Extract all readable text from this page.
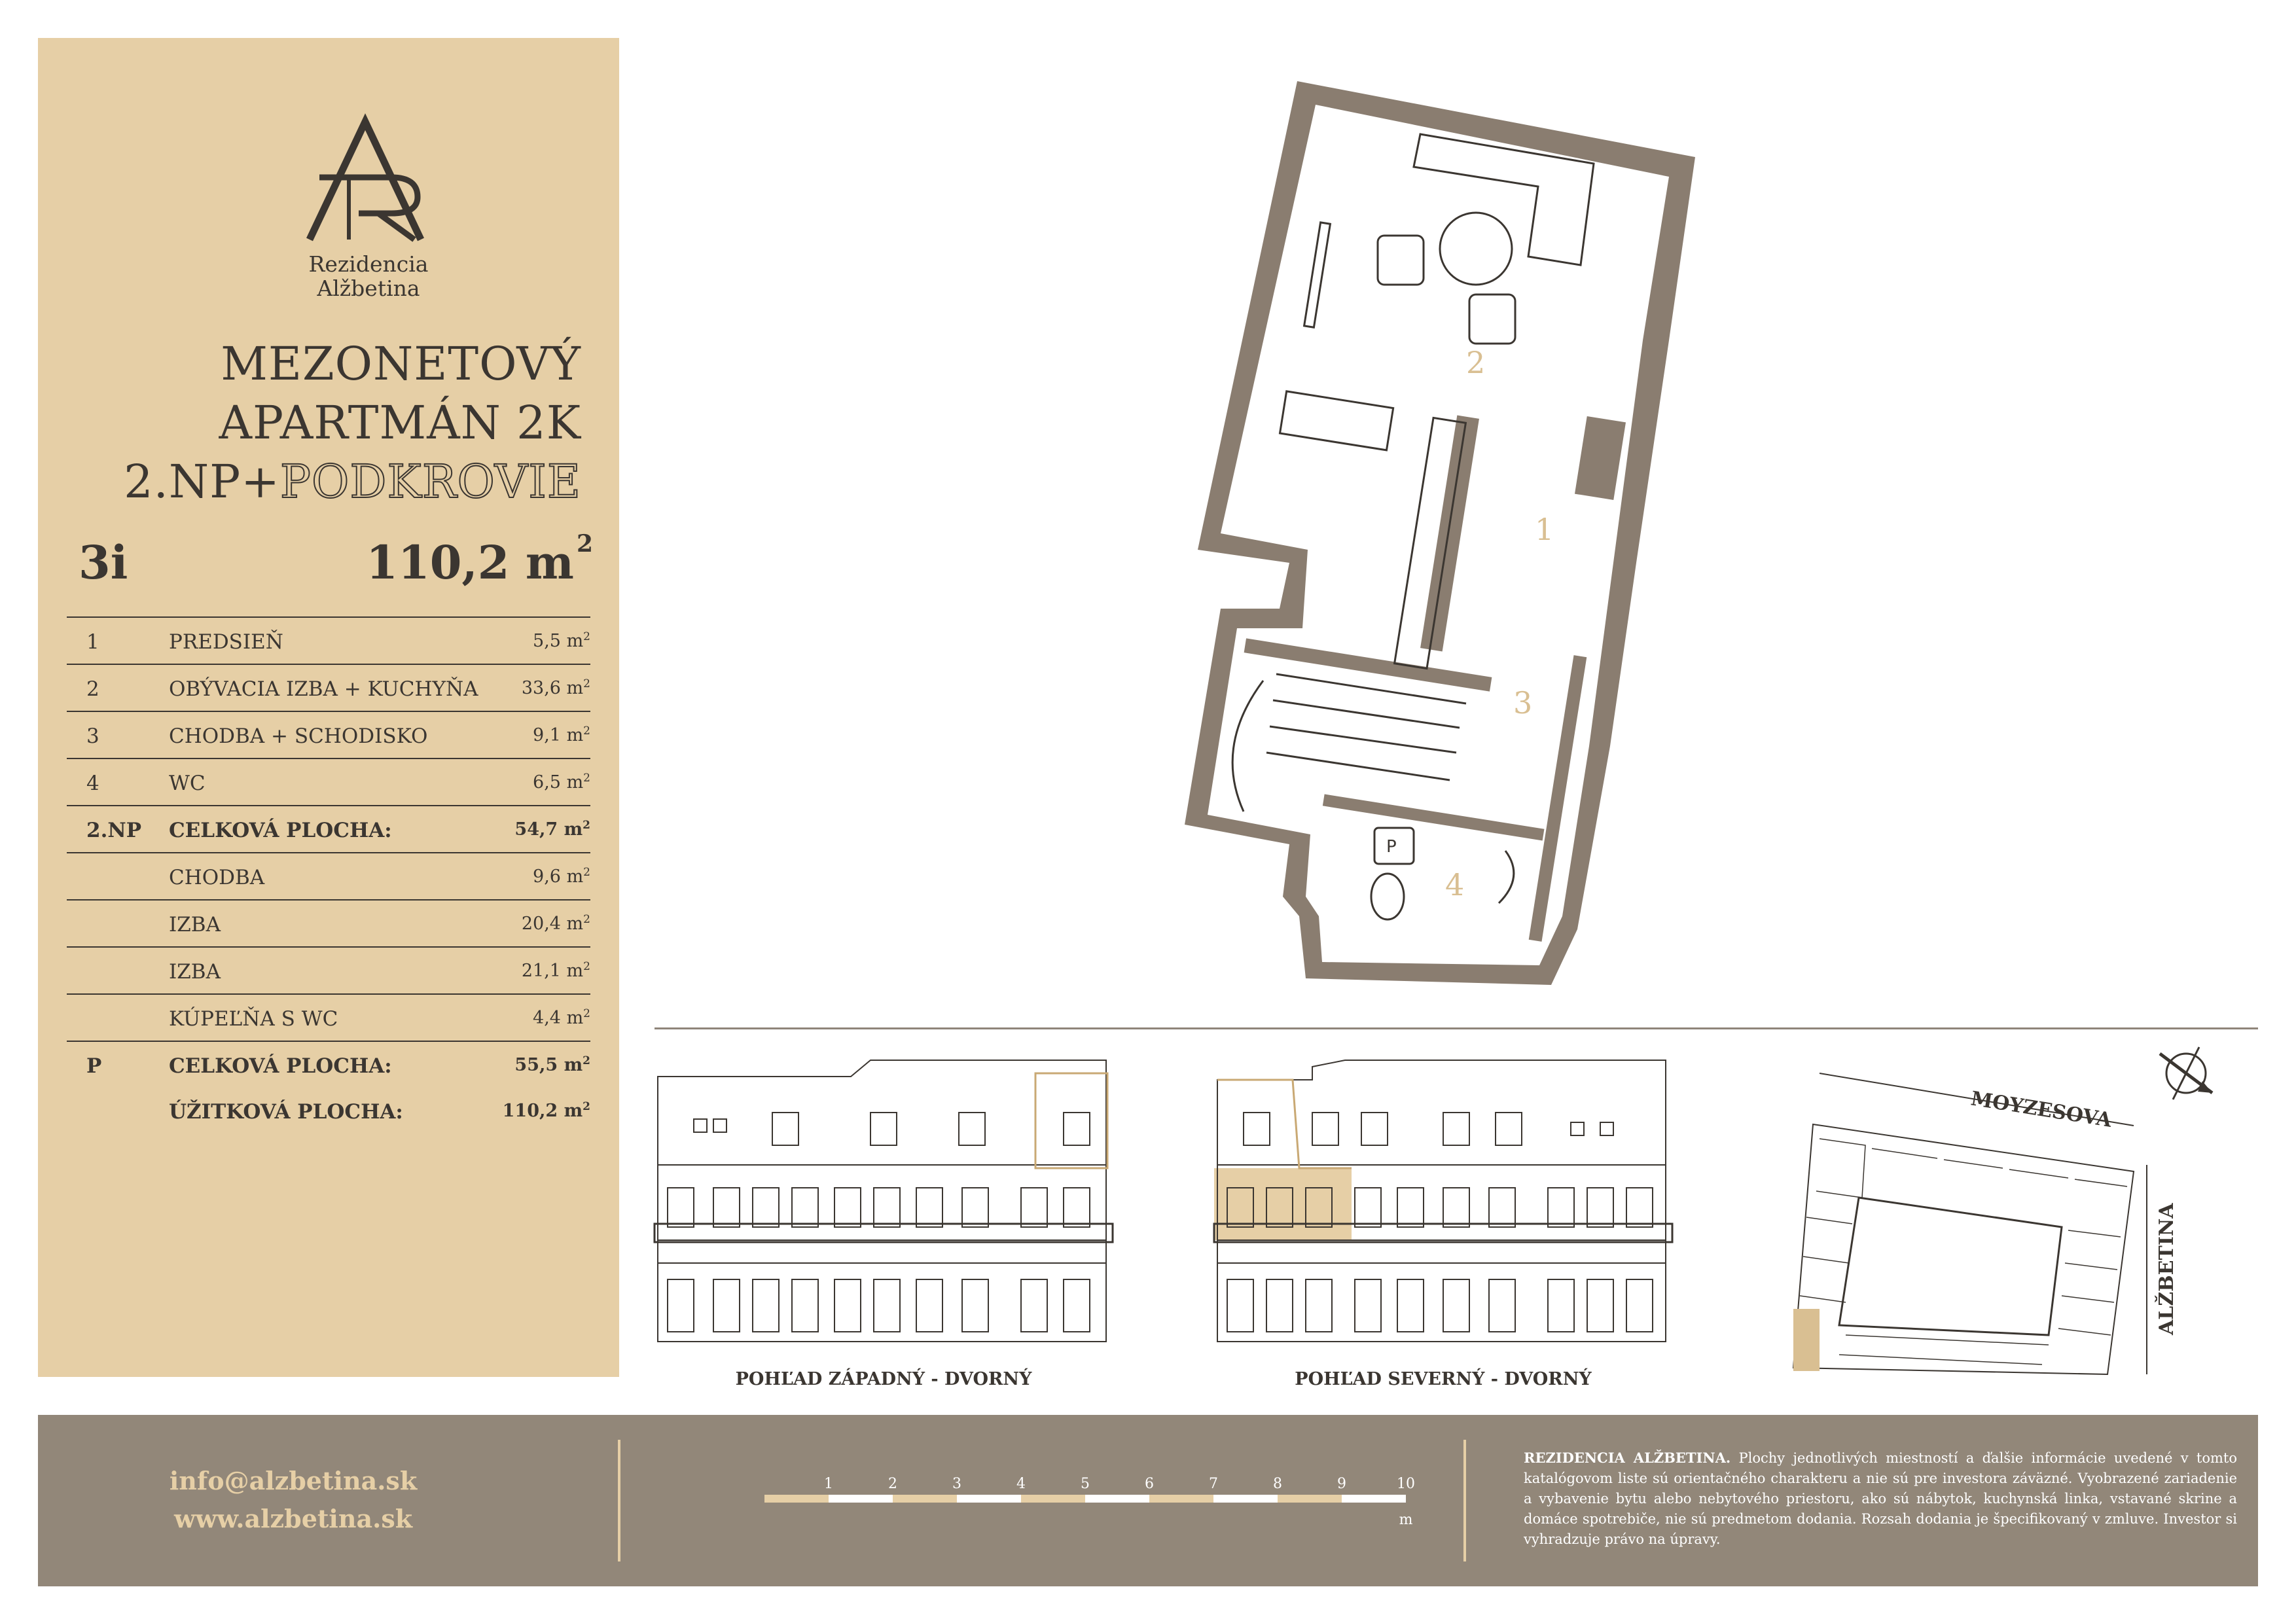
Rezidencia
Alžbetina
MEZONETOVÝ
APARTMÁN 2K
2.NP+PODKROVIE
3i	110,2 m $^2$
1	PREDSIEŇ	5,5 $m^2$
2	OBÝVACIA IZBA + KUCHYŇA 33,6 $m^2$
3	CHODBA + SCHODISKO	9,1 $m^2$
4	WC	6,5 $m^2$
2.NP CELKOVÁ PLOCHA:	54,7 $m^2$
CHODBA	9,6 $m^2$
IZBA	20,4 $m^2$
IZBA	21,1 $m^2$
KÚPEĽŇA S WC	4,4 $m^2$
P	CELKOVÁ PLOCHA:	55,5 $m^2$
ÚŽITKOVÁ PLOCHA:	110,2 $m^2$
2
1
3
4
P
POHĽAD ZÁPADNÝ - DVORNÝ	POHĽAD SEVERNÝ - DVORNÝ
MOYZESOVA
ALŽBETINA
info@alzbetina.sk
www.alzbetina.sk
1	2	3	4	5	6	7	8	9	10
m
REZIDENCIA ALŽBETINA. Plochy jednotlivých miestností a ďalšie informácie uvedené v tomto katalógovom liste sú orientačného charakteru a nie sú pre investora záväzné. Vyobrazené zariadenie a vybavenie bytu alebo nebytového priestoru, ako sú nábytok, kuchynská linka, vstavané skrine a domáce spotrebiče, nie sú predmetom dodania. Rozsah dodania je špecifikovaný v zmluve. Investor si vyhradzuje právo na úpravy.
